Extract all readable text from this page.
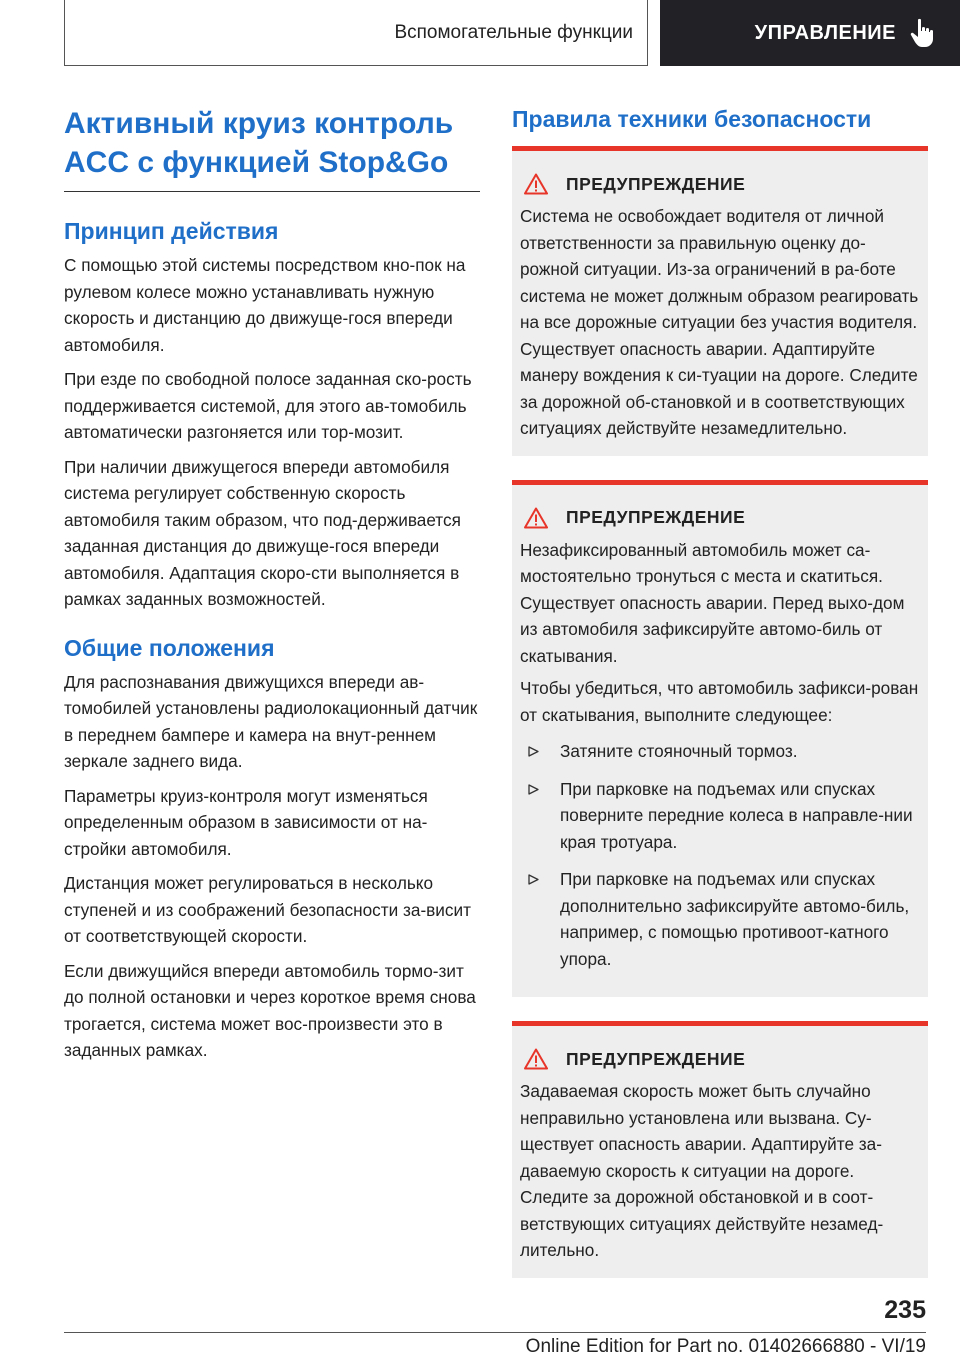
Вспомогательные функции	УПРАВЛЕНИЕ
Активный круиз контроль
ACC с функцией Stop&Go
Принцип действия

С помощью этой системы посредством кно-пок на рулевом колесе можно устанавливать нужную скорость и дистанцию до движуще-гося впереди автомобиля.

При езде по свободной полосе заданная ско-рость поддерживается системой, для этого ав-томобиль автоматически разгоняется или тор-мозит.

При наличии движущегося впереди автомобиля система регулирует собственную скорость автомобиля таким образом, что под-держивается заданная дистанция до движуще-гося впереди автомобиля. Адаптация скоро-сти выполняется в рамках заданных возможностей.

Общие положения

Для распознавания движущихся впереди ав-томобилей установлены радиолокационный датчик в переднем бампере и камера на внут-реннем зеркале заднего вида.

Параметры круиз-контроля могут изменяться определенным образом в зависимости от на-стройки автомобиля.

Дистанция может регулироваться в несколько ступеней и из соображений безопасности за-висит от соответствующей скорости.

Если движущийся впереди автомобиль тормо-зит до полной остановки и через короткое время снова трогается, система может вос-произвести это в заданных рамках.

Правила техники безопасности
ПРЕДУПРЕЖДЕНИЕ

Система не освобождает водителя от личной ответственности за правильную оценку до-рожной ситуации. Из-за ограничений в ра-боте система не может должным образом реагировать на все дорожные ситуации без участия водителя. Существует опасность аварии. Адаптируйте манеру вождения к си-туации на дороге. Следите за дорожной об-становкой и в соответствующих ситуациях действуйте незамедлительно.

ПРЕДУПРЕЖДЕНИЕ

Незафиксированный автомобиль может са-мостоятельно тронуться с места и скатиться. Существует опасность аварии. Перед выхо-дом из автомобиля зафиксируйте автомо-биль от скатывания.

Чтобы убедиться, что автомобиль зафикси-рован от скатывания, выполните следующее:

Затяните стояночный тормоз.
При парковке на подъемах или спусках поверните передние колеса в направле-нии края тротуара.
При парковке на подъемах или спусках дополнительно зафиксируйте автомо-биль, например, с помощью противоот-катного упора.
ПРЕДУПРЕЖДЕНИЕ

Задаваемая скорость может быть случайно неправильно установлена или вызвана. Су-ществует опасность аварии. Адаптируйте за-даваемую скорость к ситуации на дороге. Следите за дорожной обстановкой и в соот-ветствующих ситуациях действуйте незамед-лительно.

235
Online Edition for Part no. 01402666880 - VI/19
